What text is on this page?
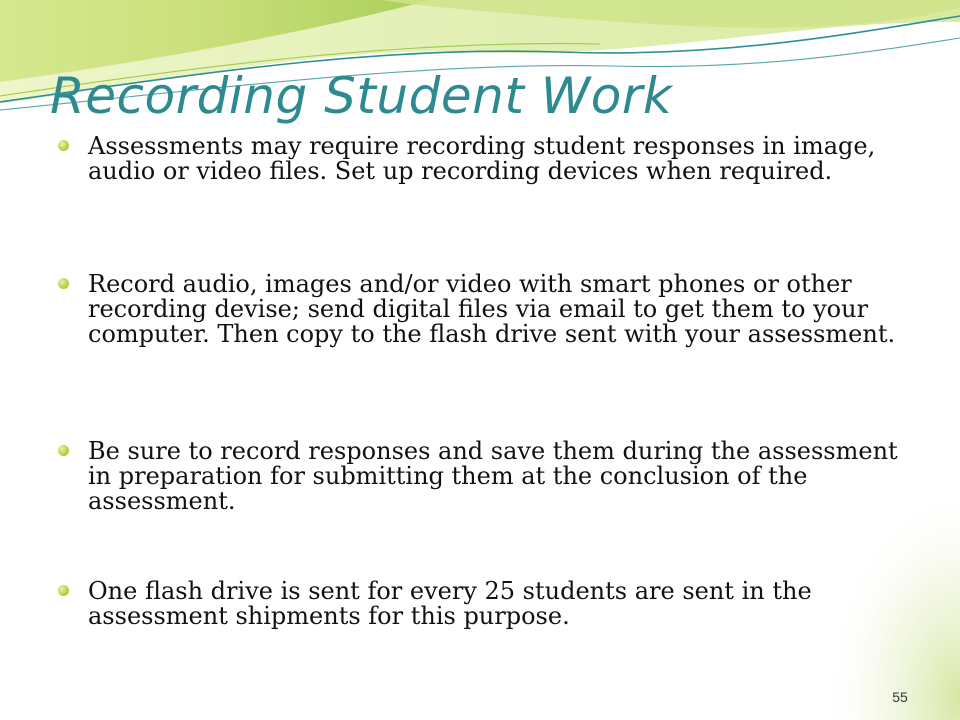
Recording Student Work
Assessments may require recording student responses in image, audio or video files. Set up recording devices when required.
Record audio, images and/or video with smart phones or other recording devise; send digital files via email to get them to your computer. Then copy to the flash drive sent with your assessment.
Be sure to record responses and save them during the assessment in preparation for submitting them at the conclusion of the assessment.
One flash drive is sent for every 25 students are sent in the assessment shipments for this purpose.
55
